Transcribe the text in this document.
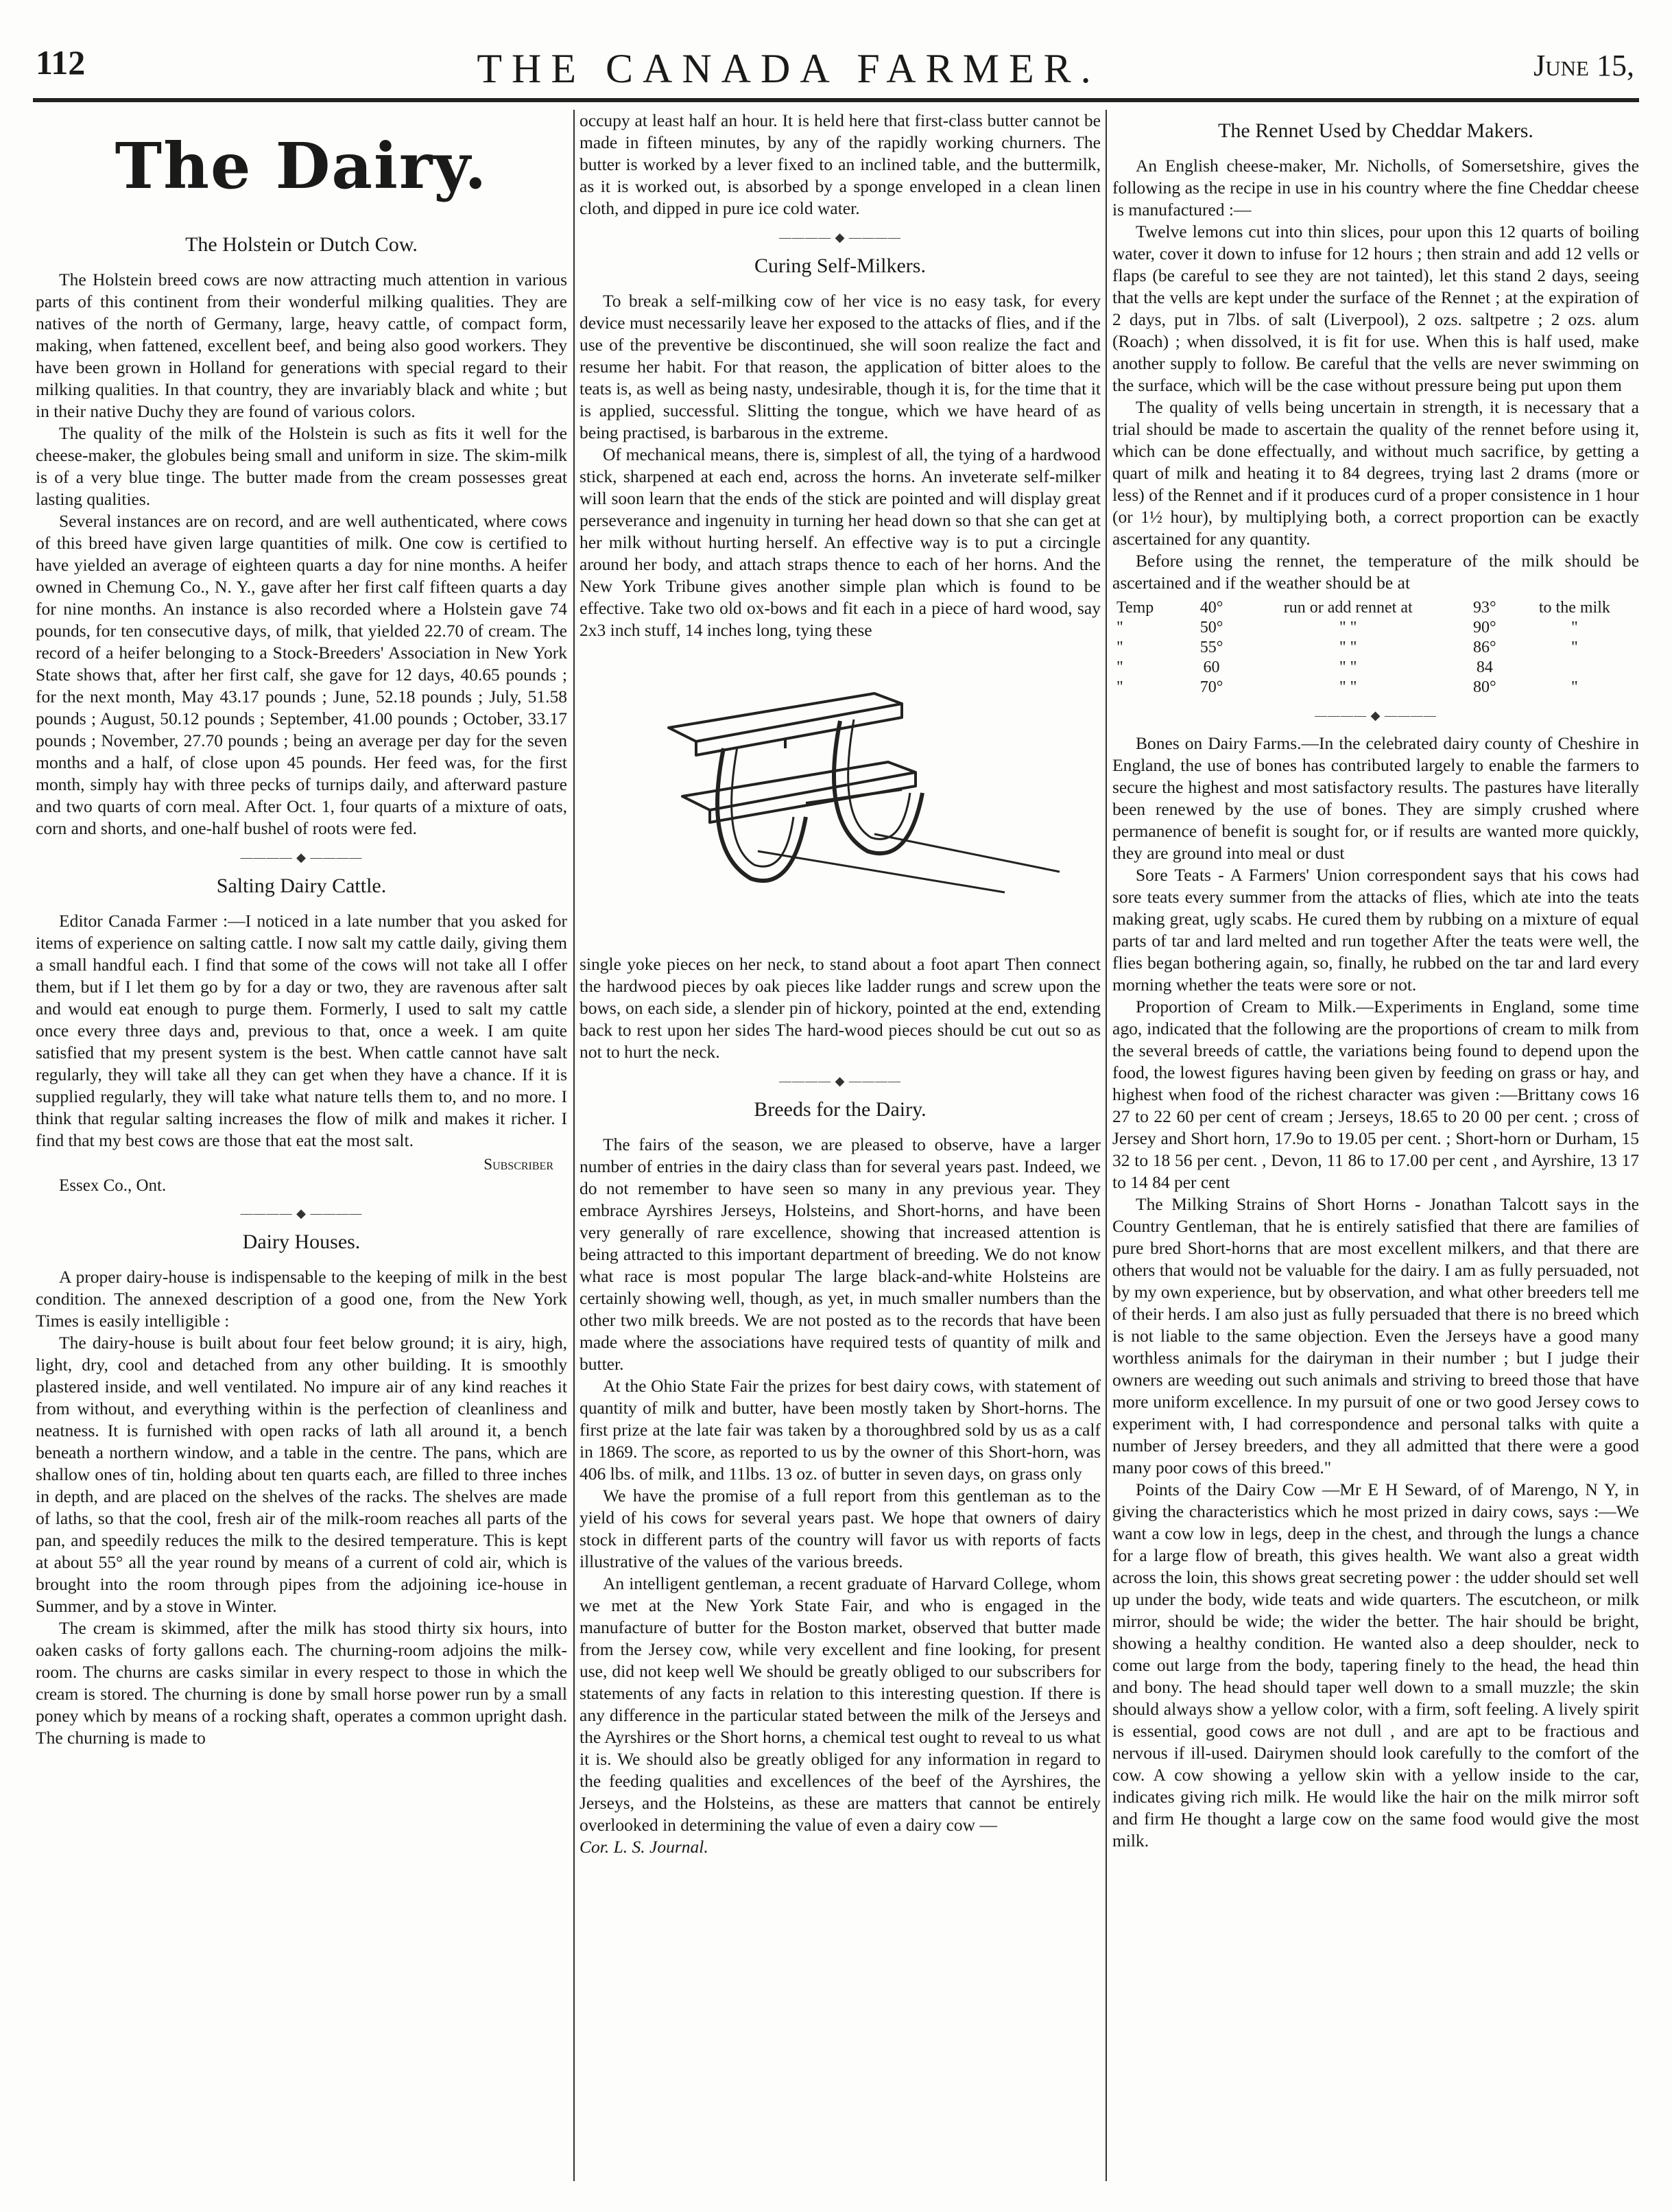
112	THE CANADA FARMER.	June 15,
The Dairy.
The Holstein or Dutch Cow.

The Holstein breed cows are now attracting much attention in various parts of this continent from their wonderful milking qualities. They are natives of the north of Germany, large, heavy cattle, of compact form, making, when fattened, excellent beef, and being also good workers. They have been grown in Holland for generations with special regard to their milking qualities. In that country, they are invariably black and white ; but in their native Duchy they are found of various colors.

The quality of the milk of the Holstein is such as fits it well for the cheese-maker, the globules being small and uniform in size. The skim-milk is of a very blue tinge. The butter made from the cream possesses great lasting qualities.

Several instances are on record, and are well authenticated, where cows of this breed have given large quantities of milk. One cow is certified to have yielded an average of eighteen quarts a day for nine months. A heifer owned in Chemung Co., N. Y., gave after her first calf fifteen quarts a day for nine months. An instance is also recorded where a Holstein gave 74 pounds, for ten consecutive days, of milk, that yielded 22.70 of cream. The record of a heifer belonging to a Stock-Breeders' Association in New York State shows that, after her first calf, she gave for 12 days, 40.65 pounds ; for the next month, May 43.17 pounds ; June, 52.18 pounds ; July, 51.58 pounds ; August, 50.12 pounds ; September, 41.00 pounds ; October, 33.17 pounds ; November, 27.70 pounds ; being an average per day for the seven months and a half, of close upon 45 pounds. Her feed was, for the first month, simply hay with three pecks of turnips daily, and afterward pasture and two quarts of corn meal. After Oct. 1, four quarts of a mixture of oats, corn and shorts, and one-half bushel of roots were fed.

———— ◆ ————
Salting Dairy Cattle.

Editor Canada Farmer :—I noticed in a late number that you asked for items of experience on salting cattle. I now salt my cattle daily, giving them a small handful each. I find that some of the cows will not take all I offer them, but if I let them go by for a day or two, they are ravenous after salt and would eat enough to purge them. Formerly, I used to salt my cattle once every three days and, previous to that, once a week. I am quite satisfied that my present system is the best. When cattle cannot have salt regularly, they will take all they can get when they have a chance. If it is supplied regularly, they will take what nature tells them to, and no more. I think that regular salting increases the flow of milk and makes it richer. I find that my best cows are those that eat the most salt.

Subscriber
Essex Co., Ont.
———— ◆ ————
Dairy Houses.

A proper dairy-house is indispensable to the keeping of milk in the best condition. The annexed description of a good one, from the New York Times is easily intelligible :

The dairy-house is built about four feet below ground; it is airy, high, light, dry, cool and detached from any other building. It is smoothly plastered inside, and well ventilated. No impure air of any kind reaches it from without, and everything within is the perfection of cleanliness and neatness. It is furnished with open racks of lath all around it, a bench beneath a northern window, and a table in the centre. The pans, which are shallow ones of tin, holding about ten quarts each, are filled to three inches in depth, and are placed on the shelves of the racks. The shelves are made of laths, so that the cool, fresh air of the milk-room reaches all parts of the pan, and speedily reduces the milk to the desired temperature. This is kept at about 55° all the year round by means of a current of cold air, which is brought into the room through pipes from the adjoining ice-house in Summer, and by a stove in Winter.

The cream is skimmed, after the milk has stood thirty six hours, into oaken casks of forty gallons each. The churning-room adjoins the milk-room. The churns are casks similar in every respect to those in which the cream is stored. The churning is done by small horse power run by a small poney which by means of a rocking shaft, operates a common upright dash. The churning is made to

occupy at least half an hour. It is held here that first-class butter cannot be made in fifteen minutes, by any of the rapidly working churners. The butter is worked by a lever fixed to an inclined table, and the buttermilk, as it is worked out, is absorbed by a sponge enveloped in a clean linen cloth, and dipped in pure ice cold water.

———— ◆ ————
Curing Self-Milkers.

To break a self-milking cow of her vice is no easy task, for every device must necessarily leave her exposed to the attacks of flies, and if the use of the preventive be discontinued, she will soon realize the fact and resume her habit. For that reason, the application of bitter aloes to the teats is, as well as being nasty, undesirable, though it is, for the time that it is applied, successful. Slitting the tongue, which we have heard of as being practised, is barbarous in the extreme.

Of mechanical means, there is, simplest of all, the tying of a hardwood stick, sharpened at each end, across the horns. An inveterate self-milker will soon learn that the ends of the stick are pointed and will display great perseverance and ingenuity in turning her head down so that she can get at her milk without hurting herself. An effective way is to put a circingle around her body, and attach straps thence to each of her horns. And the New York Tribune gives another simple plan which is found to be effective. Take two old ox-bows and fit each in a piece of hard wood, say 2x3 inch stuff, 14 inches long, tying these

single yoke pieces on her neck, to stand about a foot apart Then connect the hardwood pieces by oak pieces like ladder rungs and screw upon the bows, on each side, a slender pin of hickory, pointed at the end, extending back to rest upon her sides The hard-wood pieces should be cut out so as not to hurt the neck.

———— ◆ ————
Breeds for the Dairy.

The fairs of the season, we are pleased to observe, have a larger number of entries in the dairy class than for several years past. Indeed, we do not remember to have seen so many in any previous year. They embrace Ayrshires Jerseys, Holsteins, and Short-horns, and have been very generally of rare excellence, showing that increased attention is being attracted to this important department of breeding. We do not know what race is most popular The large black-and-white Holsteins are certainly showing well, though, as yet, in much smaller numbers than the other two milk breeds. We are not posted as to the records that have been made where the associations have required tests of quantity of milk and butter.

At the Ohio State Fair the prizes for best dairy cows, with statement of quantity of milk and butter, have been mostly taken by Short-horns. The first prize at the late fair was taken by a thoroughbred sold by us as a calf in 1869. The score, as reported to us by the owner of this Short-horn, was 406 lbs. of milk, and 11lbs. 13 oz. of butter in seven days, on grass only

We have the promise of a full report from this gentleman as to the yield of his cows for several years past. We hope that owners of dairy stock in different parts of the country will favor us with reports of facts illustrative of the values of the various breeds.

An intelligent gentleman, a recent graduate of Harvard College, whom we met at the New York State Fair, and who is engaged in the manufacture of butter for the Boston market, observed that butter made from the Jersey cow, while very excellent and fine looking, for present use, did not keep well We should be greatly obliged to our subscribers for statements of any facts in relation to this interesting question. If there is any difference in the particular stated between the milk of the Jerseys and the Ayrshires or the Short horns, a chemical test ought to reveal to us what it is. We should also be greatly obliged for any information in regard to the feeding qualities and excellences of the beef of the Ayrshires, the Jerseys, and the Holsteins, as these are matters that cannot be entirely overlooked in determining the value of even a dairy cow —

Cor. L. S. Journal.

The Rennet Used by Cheddar Makers.

An English cheese-maker, Mr. Nicholls, of Somersetshire, gives the following as the recipe in use in his country where the fine Cheddar cheese is manufactured :—

Twelve lemons cut into thin slices, pour upon this 12 quarts of boiling water, cover it down to infuse for 12 hours ; then strain and add 12 vells or flaps (be careful to see they are not tainted), let this stand 2 days, seeing that the vells are kept under the surface of the Rennet ; at the expiration of 2 days, put in 7lbs. of salt (Liverpool), 2 ozs. saltpetre ; 2 ozs. alum (Roach) ; when dissolved, it is fit for use. When this is half used, make another supply to follow. Be careful that the vells are never swimming on the surface, which will be the case without pressure being put upon them

The quality of vells being uncertain in strength, it is necessary that a trial should be made to ascertain the quality of the rennet before using it, which can be done effectually, and without much sacrifice, by getting a quart of milk and heating it to 84 degrees, trying last 2 drams (more or less) of the Rennet and if it produces curd of a proper consistence in 1 hour (or 1½ hour), by multiplying both, a correct proportion can be exactly ascertained for any quantity.

Before using the rennet, the temperature of the milk should be ascertained and if the weather should be at

Temp	40°	run or add rennet at	93°	to the milk
"	50°	" "	90°	"
"	55°	" "	86°	"
"	60	" "	84	
"	70°	" "	80°	"
———— ◆ ————

Bones on Dairy Farms.—In the celebrated dairy county of Cheshire in England, the use of bones has contributed largely to enable the farmers to secure the highest and most satisfactory results. The pastures have literally been renewed by the use of bones. They are simply crushed where permanence of benefit is sought for, or if results are wanted more quickly, they are ground into meal or dust

Sore Teats - A Farmers' Union correspondent says that his cows had sore teats every summer from the attacks of flies, which ate into the teats making great, ugly scabs. He cured them by rubbing on a mixture of equal parts of tar and lard melted and run together After the teats were well, the flies began bothering again, so, finally, he rubbed on the tar and lard every morning whether the teats were sore or not.

Proportion of Cream to Milk.—Experiments in England, some time ago, indicated that the following are the proportions of cream to milk from the several breeds of cattle, the variations being found to depend upon the food, the lowest figures having been given by feeding on grass or hay, and highest when food of the richest character was given :—Brittany cows 16 27 to 22 60 per cent of cream ; Jerseys, 18.65 to 20 00 per cent. ; cross of Jersey and Short horn, 17.9o to 19.05 per cent. ; Short-horn or Durham, 15 32 to 18 56 per cent. , Devon, 11 86 to 17.00 per cent , and Ayrshire, 13 17 to 14 84 per cent

The Milking Strains of Short Horns - Jonathan Talcott says in the Country Gentleman, that he is entirely satisfied that there are families of pure bred Short-horns that are most excellent milkers, and that there are others that would not be valuable for the dairy. I am as fully persuaded, not by my own experience, but by observation, and what other breeders tell me of their herds. I am also just as fully persuaded that there is no breed which is not liable to the same objection. Even the Jerseys have a good many worthless animals for the dairyman in their number ; but I judge their owners are weeding out such animals and striving to breed those that have more uniform excellence. In my pursuit of one or two good Jersey cows to experiment with, I had correspondence and personal talks with quite a number of Jersey breeders, and they all admitted that there were a good many poor cows of this breed."

Points of the Dairy Cow —Mr E H Seward, of of Marengo, N Y, in giving the characteristics which he most prized in dairy cows, says :—We want a cow low in legs, deep in the chest, and through the lungs a chance for a large flow of breath, this gives health. We want also a great width across the loin, this shows great secreting power : the udder should set well up under the body, wide teats and wide quarters. The escutcheon, or milk mirror, should be wide; the wider the better. The hair should be bright, showing a healthy condition. He wanted also a deep shoulder, neck to come out large from the body, tapering finely to the head, the head thin and bony. The head should taper well down to a small muzzle; the skin should always show a yellow color, with a firm, soft feeling. A lively spirit is essential, good cows are not dull , and are apt to be fractious and nervous if ill-used. Dairymen should look carefully to the comfort of the cow. A cow showing a yellow skin with a yellow inside to the car, indicates giving rich milk. He would like the hair on the milk mirror soft and firm He thought a large cow on the same food would give the most milk.
